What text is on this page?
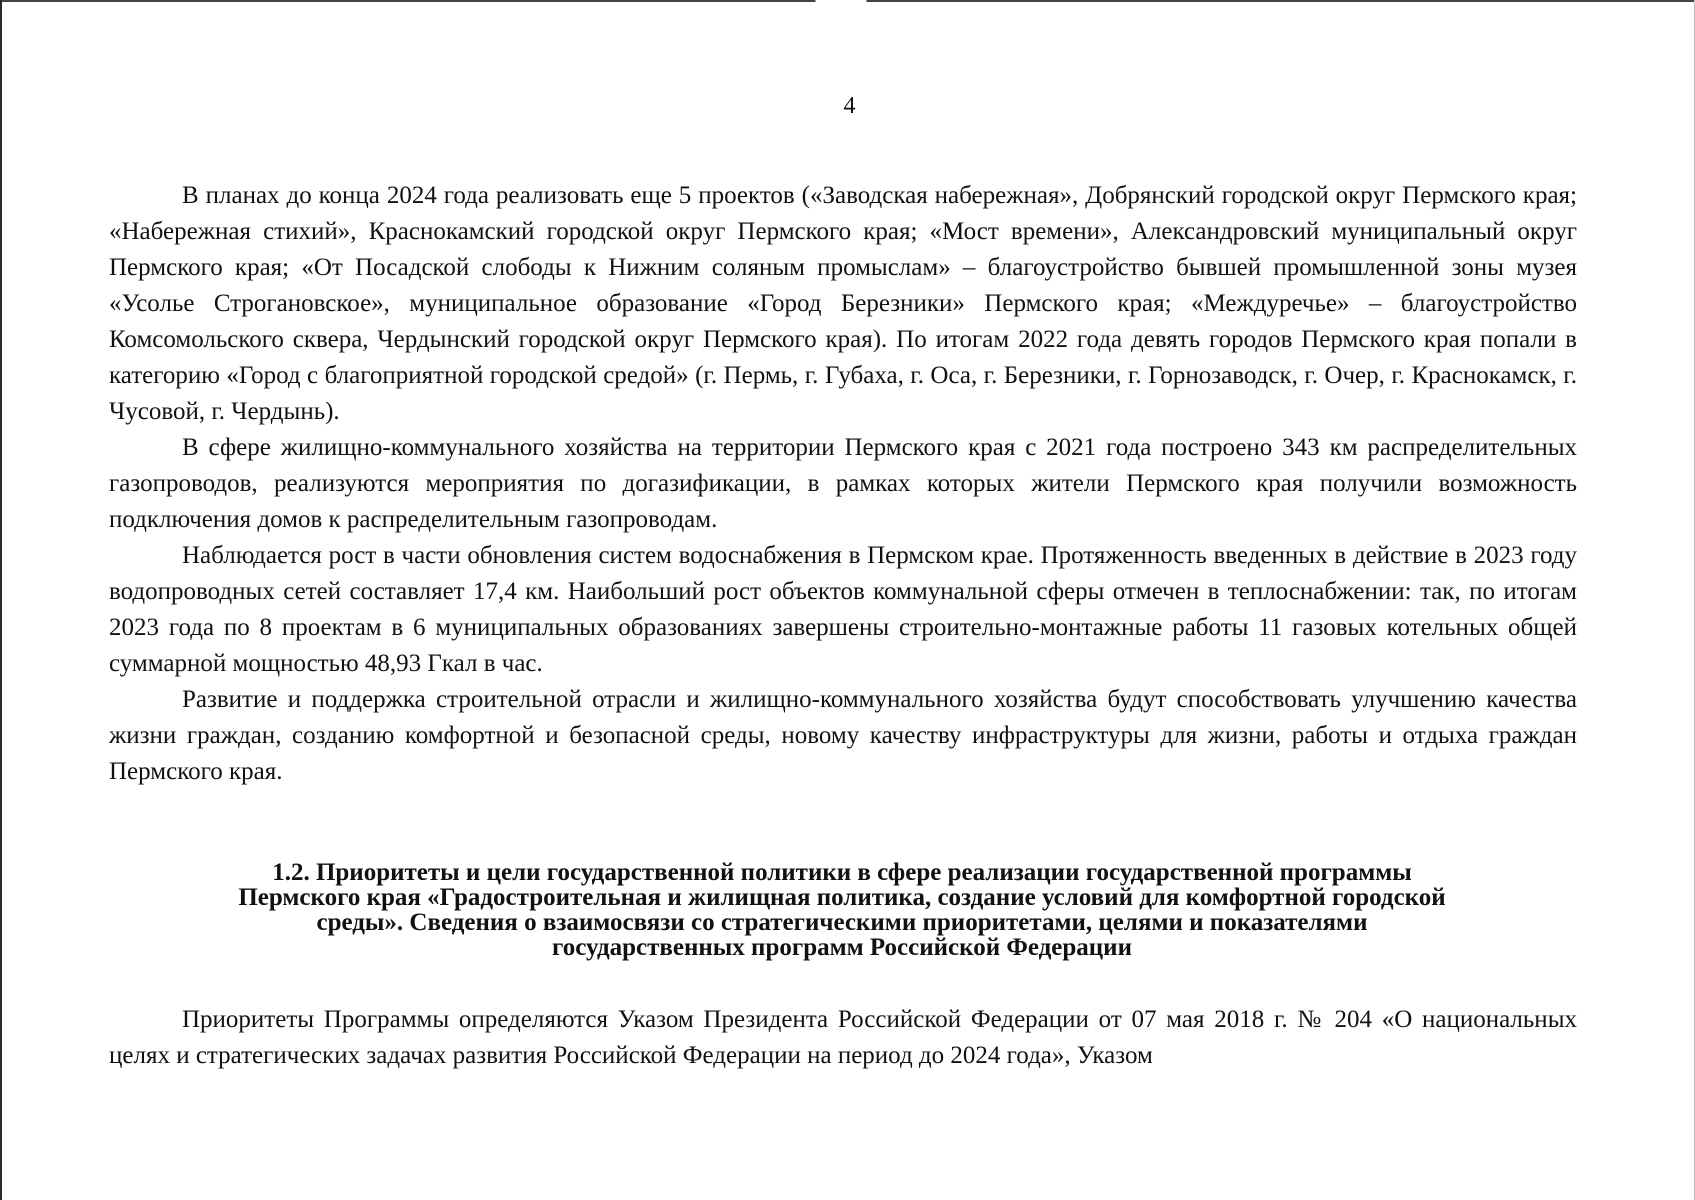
4

В планах до конца 2024 года реализовать еще 5 проектов («Заводская набережная», Добрянский городской округ Пермского края; «Набережная стихий», Краснокамский городской округ Пермского края; «Мост времени», Александровский муниципальный округ Пермского края; «От Посадской слободы к Нижним соляным промыслам» – благоустройство бывшей промышленной зоны музея «Усолье Строгановское», муниципальное образование «Город Березники» Пермского края; «Междуречье» – благоустройство Комсомольского сквера, Чердынский городской округ Пермского края). По итогам 2022 года девять городов Пермского края попали в категорию «Город с благоприятной городской средой» (г. Пермь, г. Губаха, г. Оса, г. Березники, г. Горнозаводск, г. Очер, г. Краснокамск, г. Чусовой, г. Чердынь).

В сфере жилищно-коммунального хозяйства на территории Пермского края с 2021 года построено 343 км распределительных газопроводов, реализуются мероприятия по догазификации, в рамках которых жители Пермского края получили возможность подключения домов к распределительным газопроводам.

Наблюдается рост в части обновления систем водоснабжения в Пермском крае. Протяженность введенных в действие в 2023 году водопроводных сетей составляет 17,4 км. Наибольший рост объектов коммунальной сферы отмечен в теплоснабжении: так, по итогам 2023 года по 8 проектам в 6 муниципальных образованиях завершены строительно-монтажные работы 11 газовых котельных общей суммарной мощностью 48,93 Гкал в час.

Развитие и поддержка строительной отрасли и жилищно-коммунального хозяйства будут способствовать улучшению качества жизни граждан, созданию комфортной и безопасной среды, новому качеству инфраструктуры для жизни, работы и отдыха граждан Пермского края.

1.2. Приоритеты и цели государственной политики в сфере реализации государственной программы
Пермского края «Градостроительная и жилищная политика, создание условий для комфортной городской
среды». Сведения о взаимосвязи со стратегическими приоритетами, целями и показателями
государственных программ Российской Федерации

Приоритеты Программы определяются Указом Президента Российской Федерации от 07 мая 2018 г. № 204 «О национальных целях и стратегических задачах развития Российской Федерации на период до 2024 года», Указом
